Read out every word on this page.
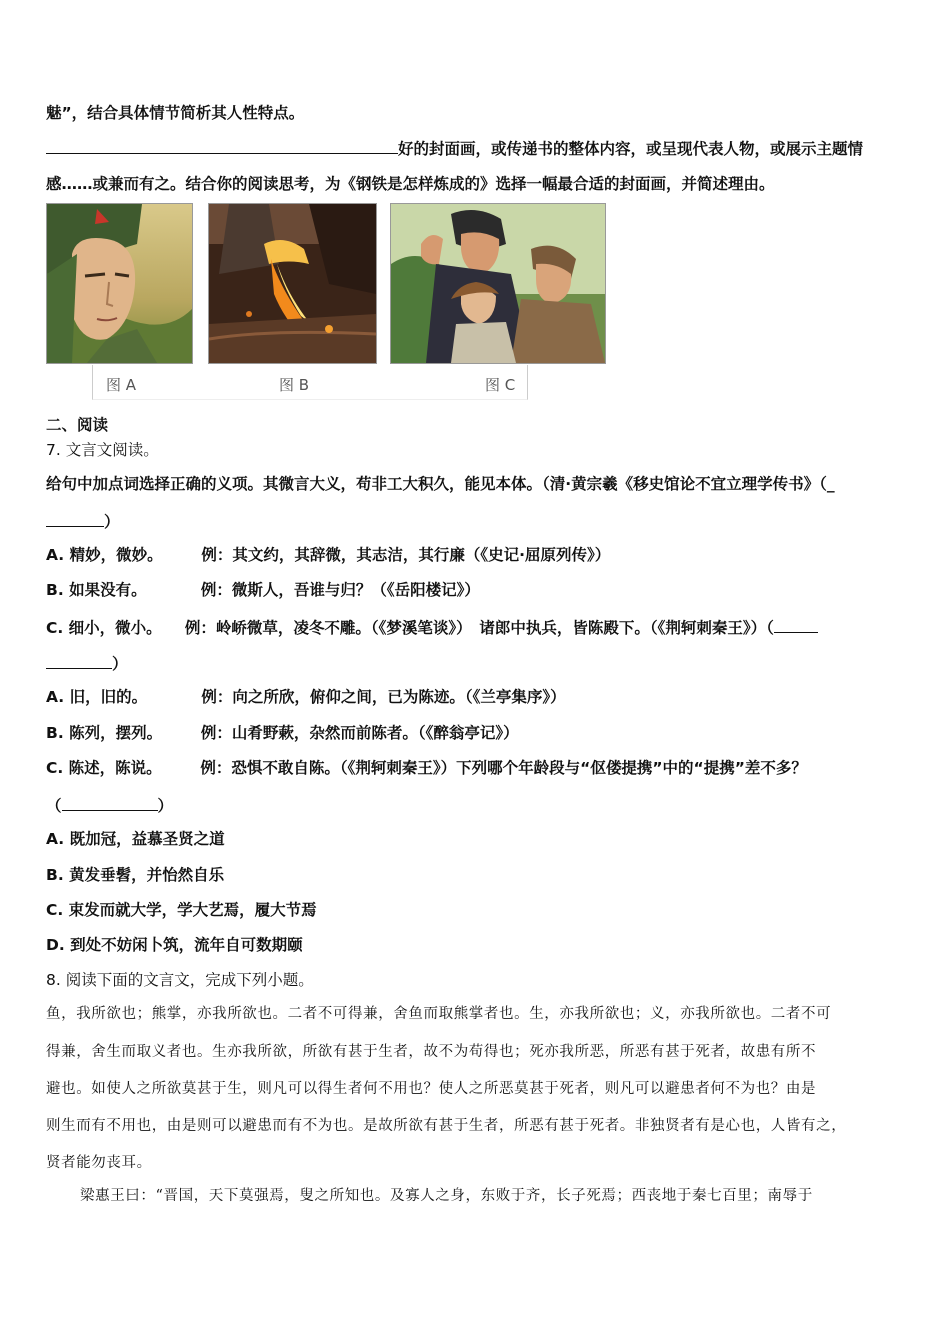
魅”，结合具体情节简析其人性特点。
好的封面画，或传递书的整体内容，或呈现代表人物，或展示主题情
感……或兼而有之。结合你的阅读思考，为《钢铁是怎样炼成的》选择一幅最合适的封面画，并简述理由。
图 A	图 B	图 C
二、阅读
7. 文言文阅读。
给句中加点词选择正确的义项。其微言大义，苟非工大积久，能见本体。（清·黄宗羲《移史馆论不宜立理学传书》（_
）
A. 精妙，微妙。　　　例：其文约，其辞微，其志洁，其行廉（《史记·屈原列传》）
B. 如果没有。　　　　例：微斯人，吾谁与归？（《岳阳楼记》）
C. 细小，微小。　　例：岭峤微草，凌冬不雕。（《梦溪笔谈》）　诸郎中执兵，皆陈殿下。（《荆轲刺秦王》）（
）
A. 旧，旧的。　　　　例：向之所欣，俯仰之间，已为陈迹。（《兰亭集序》）
B. 陈列，摆列。　　　例：山肴野蔌，杂然而前陈者。（《醉翁亭记》）
C. 陈述，陈说。　　　例：恐惧不敢自陈。（《荆轲刺秦王》）下列哪个年龄段与“伛偻提携”中的“提携”差不多？
（	）
A. 既加冠，益慕圣贤之道
B. 黄发垂髫，并怡然自乐
C. 束发而就大学，学大艺焉，履大节焉
D. 到处不妨闲卜筑，流年自可数期颐
8. 阅读下面的文言文，完成下列小题。
鱼，我所欲也；熊掌，亦我所欲也。二者不可得兼，舍鱼而取熊掌者也。生，亦我所欲也；义，亦我所欲也。二者不可
得兼，舍生而取义者也。生亦我所欲，所欲有甚于生者，故不为苟得也；死亦我所恶，所恶有甚于死者，故患有所不
避也。如使人之所欲莫甚于生，则凡可以得生者何不用也？使人之所恶莫甚于死者，则凡可以避患者何不为也？由是
则生而有不用也，由是则可以避患而有不为也。是故所欲有甚于生者，所恶有甚于死者。非独贤者有是心也，人皆有之，
贤者能勿丧耳。
梁惠王曰：“晋国，天下莫强焉，叟之所知也。及寡人之身，东败于齐，长子死焉；西丧地于秦七百里；南辱于
